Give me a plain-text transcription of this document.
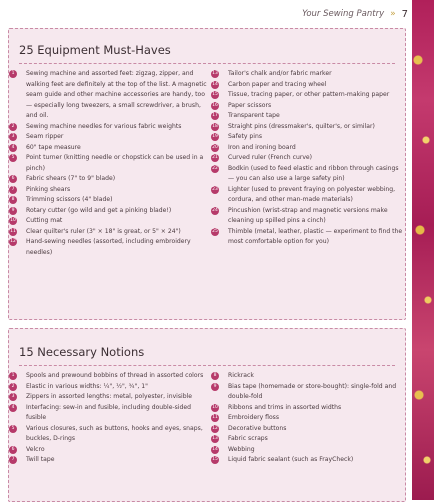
Your Sewing Pantry » 7
25 Equipment Must-Haves
1	Sewing machine and assorted feet: zigzag, zipper, and walking feet are definitely at the top of the list. A magnetic seam guide and other machine accessories are handy, too — especially long tweezers, a small screwdriver, a brush, and oil.
2	Sewing machine needles for various fabric weights
3	Seam ripper
4	60" tape measure
5	Point turner (knitting needle or chopstick can be used in a pinch)
6	Fabric shears (7" to 9" blade)
7	Pinking shears
8	Trimming scissors (4" blade)
9	Rotary cutter (go wild and get a pinking blade!)
10 Cutting mat
11 Clear quilter's ruler (3" × 18" is great, or 5" × 24")
12 Hand-sewing needles (assorted, including embroidery needles)
13 Tailor's chalk and/or fabric marker
14 Carbon paper and tracing wheel
15 Tissue, tracing paper, or other pattern-making paper
16 Paper scissors
17 Transparent tape
18 Straight pins (dressmaker's, quilter's, or similar)
19 Safety pins
20 Iron and ironing board
21 Curved ruler (French curve)
22 Bodkin (used to feed elastic and ribbon through casings — you can also use a large safety pin)
23 Lighter (used to prevent fraying on polyester webbing, cordura, and other man-made materials)
24 Pincushion (wrist-strap and magnetic versions make cleaning up spilled pins a cinch)
25 Thimble (metal, leather, plastic — experiment to find the most comfortable option for you)
15 Necessary Notions
1	Spools and prewound bobbins of thread in assorted colors
2	Elastic in various widths: ¼", ½", ¾", 1"
3	Zippers in assorted lengths: metal, polyester, invisible
4	Interfacing: sew-in and fusible, including double-sided fusible
5	Various closures, such as buttons, hooks and eyes, snaps, buckles, D-rings
6	Velcro
7	Twill tape
8	Rickrack
9	Bias tape (homemade or store-bought): single-fold and double-fold
10 Ribbons and trims in assorted widths
11 Embroidery floss
12 Decorative buttons
13 Fabric scraps
14 Webbing
15 Liquid fabric sealant (such as FrayCheck)
